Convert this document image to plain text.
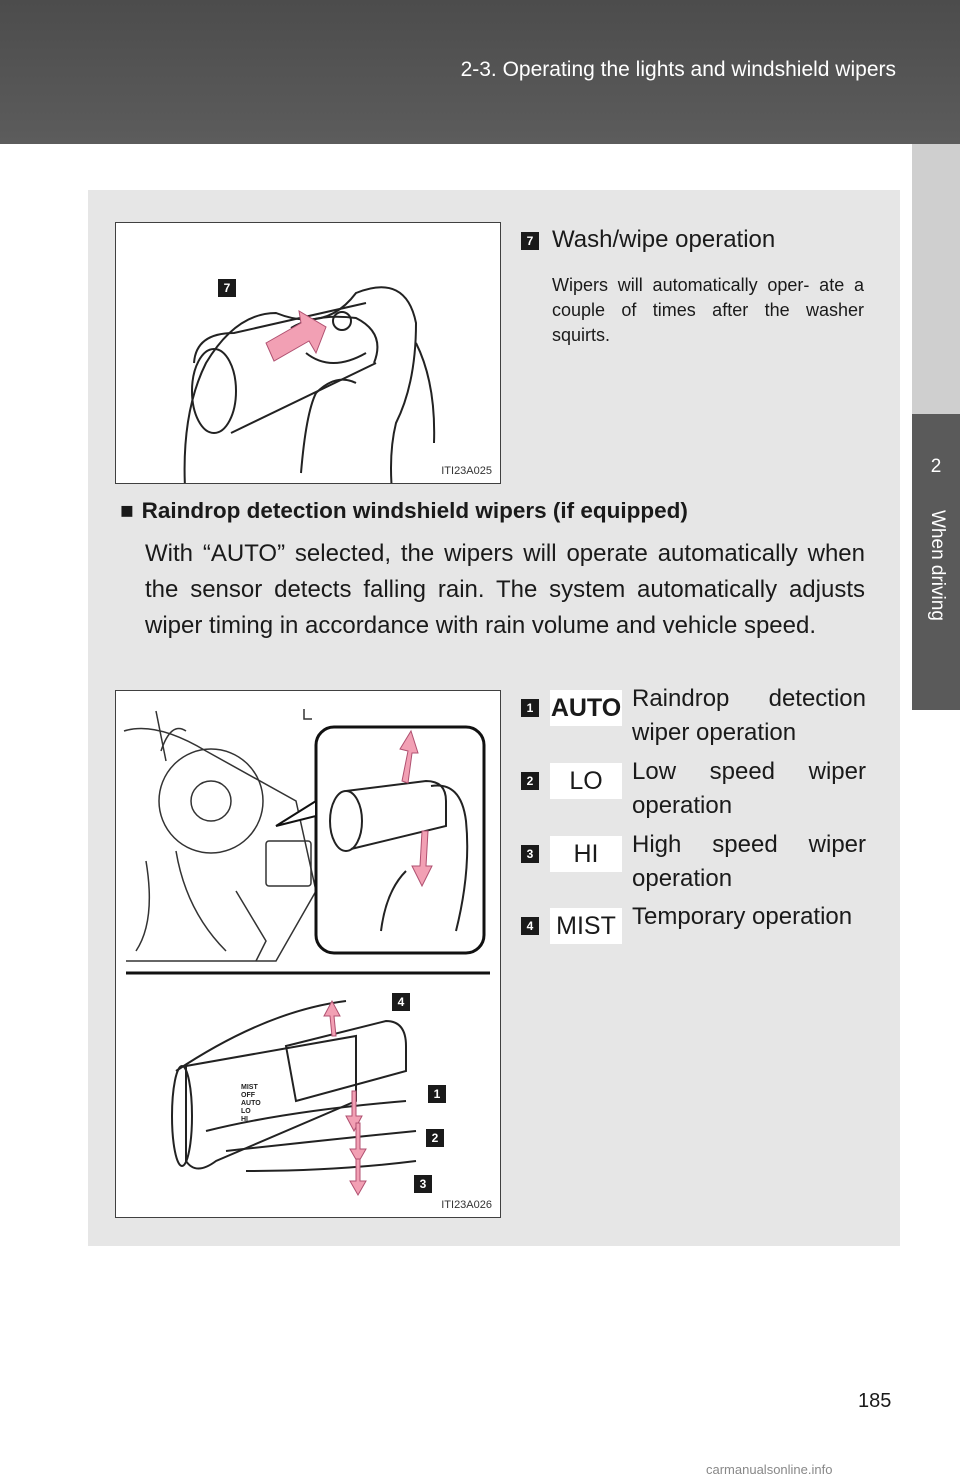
2-3. Operating the lights and windshield wipers
2
When driving
7
ITI23A025
7 Wash/wipe operation
Wipers will automatically oper- ate a couple of times after the washer squirts.
■ Raindrop detection windshield wipers (if equipped)
With “AUTO” selected, the wipers will operate automatically when the sensor detects falling rain. The system automatically adjusts wiper timing in accordance with rain volume and vehicle speed.
MIST
OFF
AUTO
LO
HI
4
1
2
3
ITI23A026
1 AUTO Raindrop detection wiper operation
2	LO	Low speed wiper operation
3	HI	High speed wiper operation
4 MIST Temporary operation
185
carmanualsonline.info
